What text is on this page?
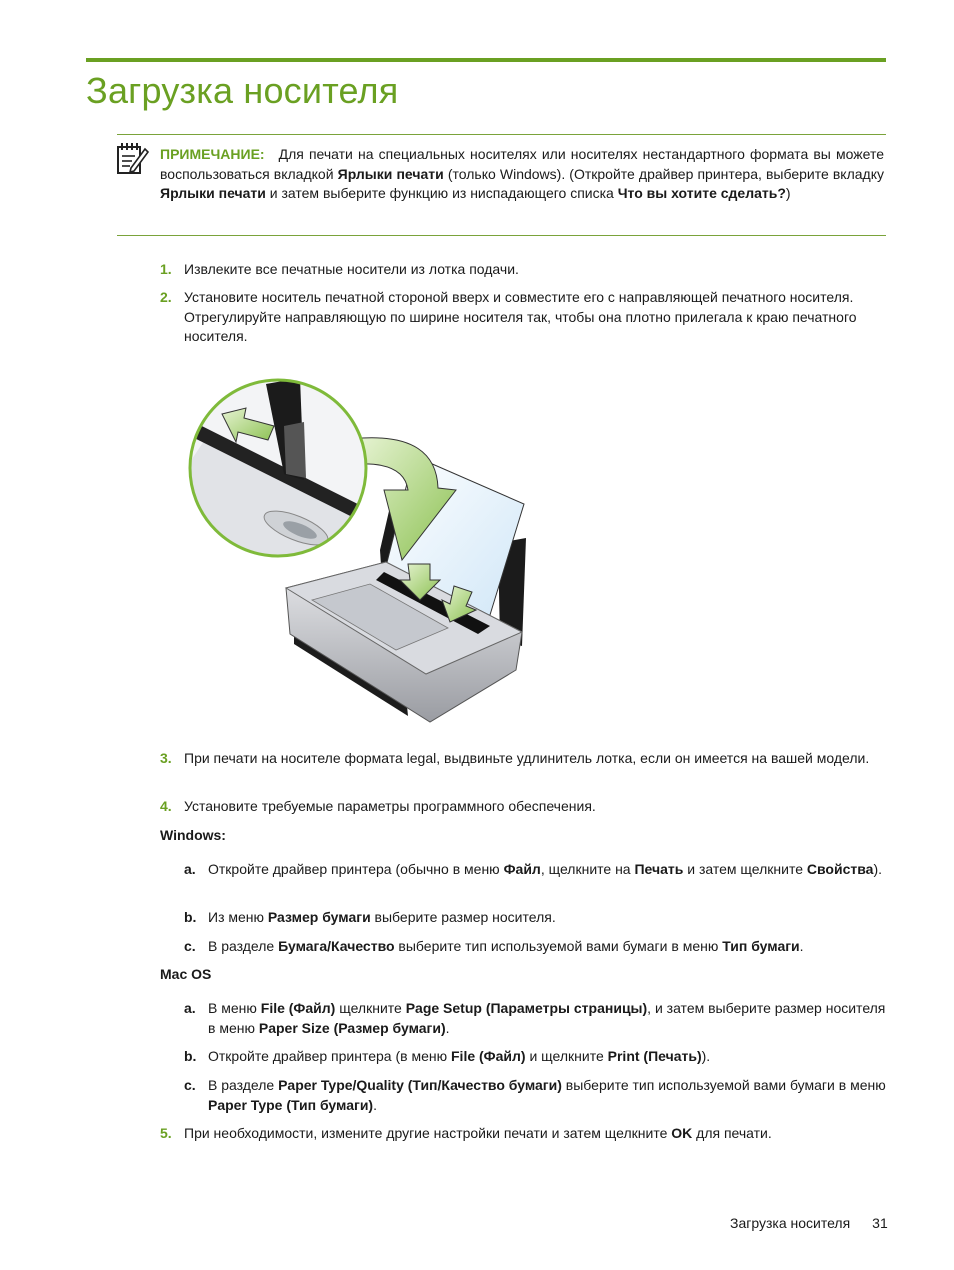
Загрузка носителя
ПРИМЕЧАНИЕ: Для печати на специальных носителях или носителях нестандартного формата вы можете воспользоваться вкладкой Ярлыки печати (только Windows). (Откройте драйвер принтера, выберите вкладку Ярлыки печати и затем выберите функцию из ниспадающего списка Что вы хотите сделать?)
1. Извлеките все печатные носители из лотка подачи.
2. Установите носитель печатной стороной вверх и совместите его с направляющей печатного носителя. Отрегулируйте направляющую по ширине носителя так, чтобы она плотно прилегала к краю печатного носителя.
3. При печати на носителе формата legal, выдвиньте удлинитель лотка, если он имеется на вашей модели.
4. Установите требуемые параметры программного обеспечения.
Windows:
a. Откройте драйвер принтера (обычно в меню Файл, щелкните на Печать и затем щелкните Свойства).
b. Из меню Размер бумаги выберите размер носителя.
c. В разделе Бумага/Качество выберите тип используемой вами бумаги в меню Тип бумаги.
Mac OS
a. В меню File (Файл) щелкните Page Setup (Параметры страницы), и затем выберите размер носителя в меню Paper Size (Размер бумаги).
b. Откройте драйвер принтера (в меню File (Файл) и щелкните Print (Печать)).
c. В разделе Paper Type/Quality (Тип/Качество бумаги) выберите тип используемой вами бумаги в меню Paper Type (Тип бумаги).
5. При необходимости, измените другие настройки печати и затем щелкните OK для печати.
Загрузка носителя 31
